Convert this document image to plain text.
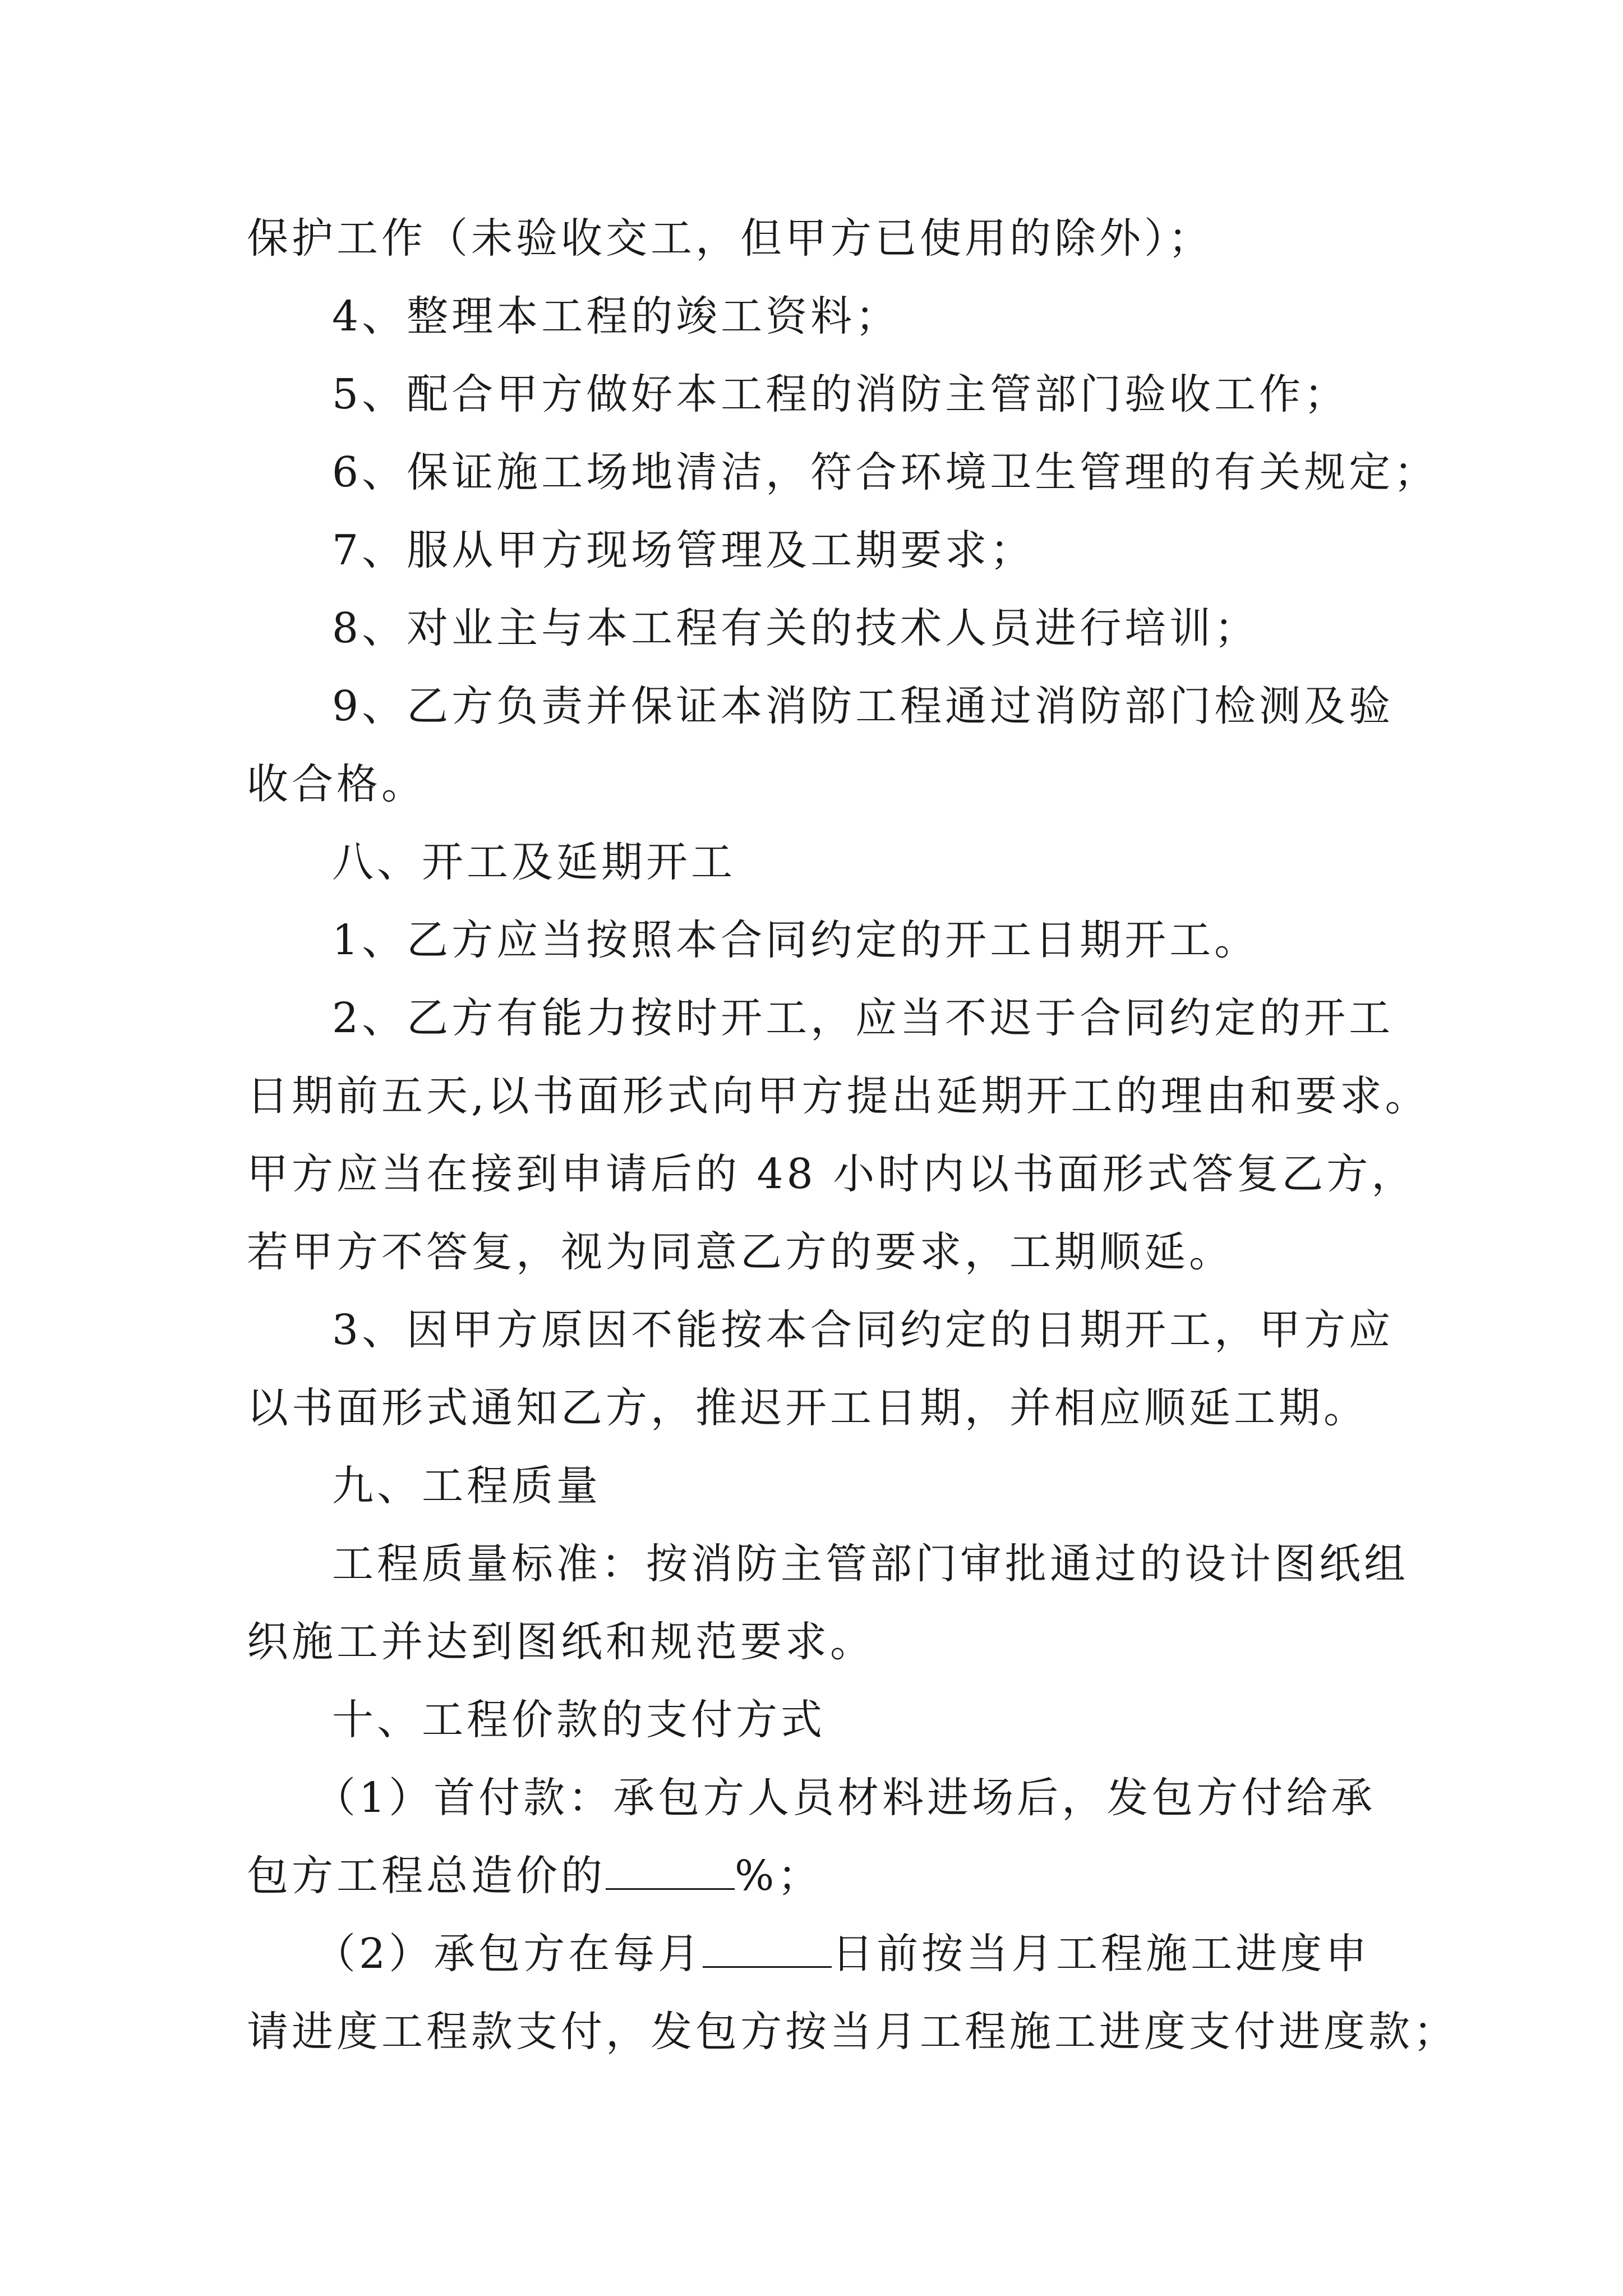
保护工作（未验收交工，但甲方已使用的除外）；
4、整理本工程的竣工资料；
5、配合甲方做好本工程的消防主管部门验收工作；
6、保证施工场地清洁，符合环境卫生管理的有关规定；
7、服从甲方现场管理及工期要求；
8、对业主与本工程有关的技术人员进行培训；
9、乙方负责并保证本消防工程通过消防部门检测及验
收合格。
八、开工及延期开工
1、乙方应当按照本合同约定的开工日期开工。
2、乙方有能力按时开工，应当不迟于合同约定的开工
日期前五天,以书面形式向甲方提出延期开工的理由和要求。
甲方应当在接到申请后的 48 小时内以书面形式答复乙方，
若甲方不答复，视为同意乙方的要求，工期顺延。
3、因甲方原因不能按本合同约定的日期开工，甲方应
以书面形式通知乙方，推迟开工日期，并相应顺延工期。
九、工程质量
工程质量标准：按消防主管部门审批通过的设计图纸组
织施工并达到图纸和规范要求。
十、工程价款的支付方式
（1）首付款：承包方人员材料进场后，发包方付给承
包方工程总造价的	%；
（2）承包方在每月	日前按当月工程施工进度申
请进度工程款支付，发包方按当月工程施工进度支付进度款；
